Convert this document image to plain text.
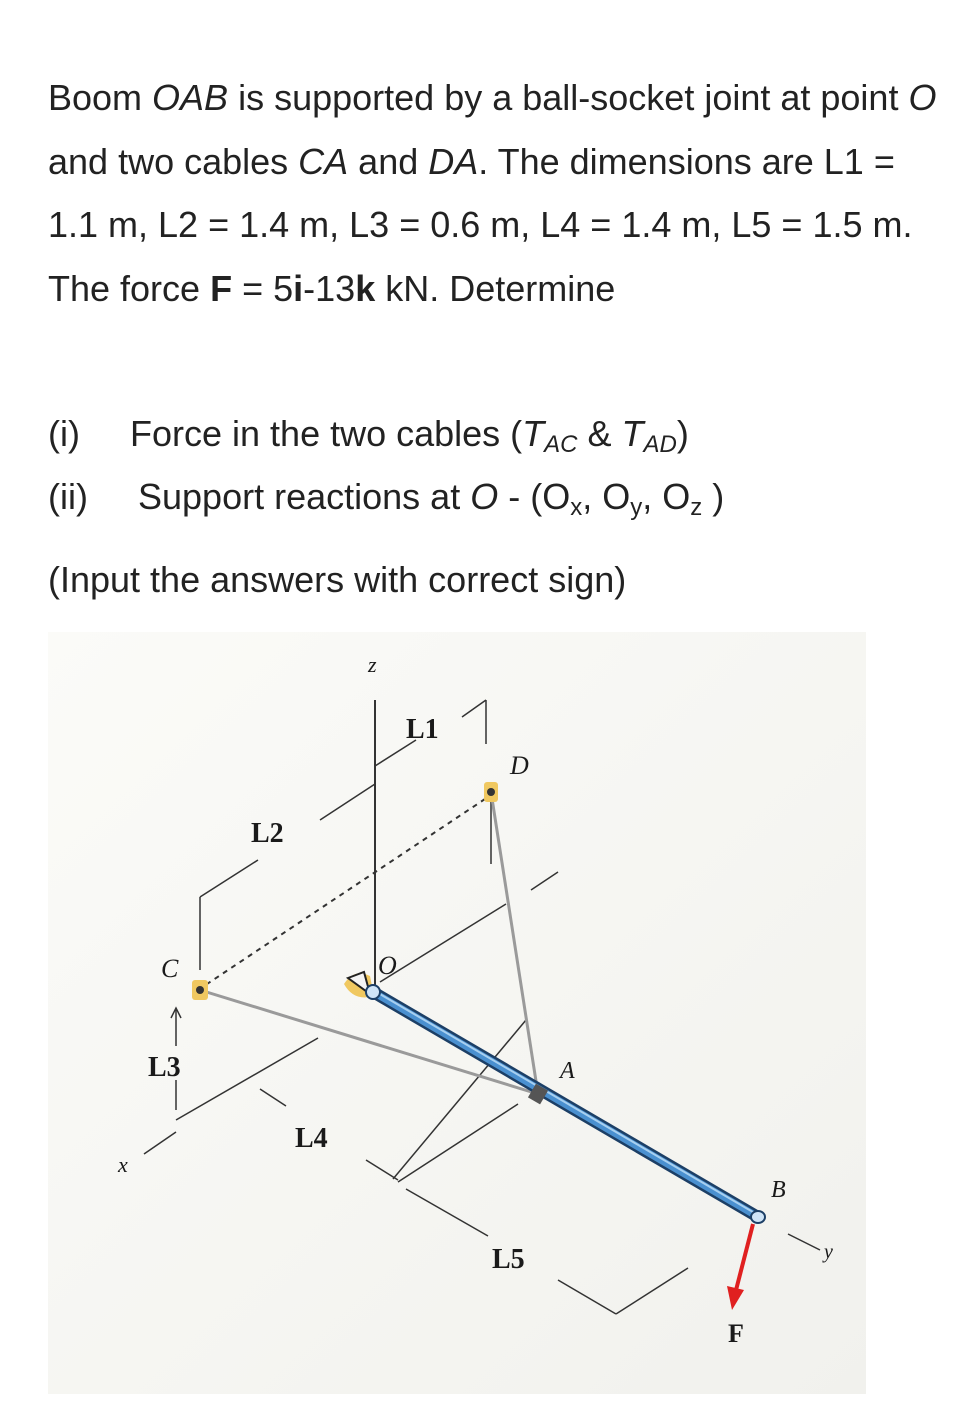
Boom OAB is supported by a ball-socket joint at point O and two cables CA and DA. The dimensions are L1 = 1.1 m, L2 = 1.4 m, L3 = 0.6 m, L4 = 1.4 m, L5 = 1.5 m. The force F = 5i-13k kN. Determine
(i) Force in the two cables ($T_{AC}$ & $T_{AD}$)
(ii) Support reactions at O - ($O_x$, $O_y$, $O_z$ )
(Input the answers with correct sign)
z
L1
D
L2
C	O
L3	A
L4
x
B
L5	y
F
